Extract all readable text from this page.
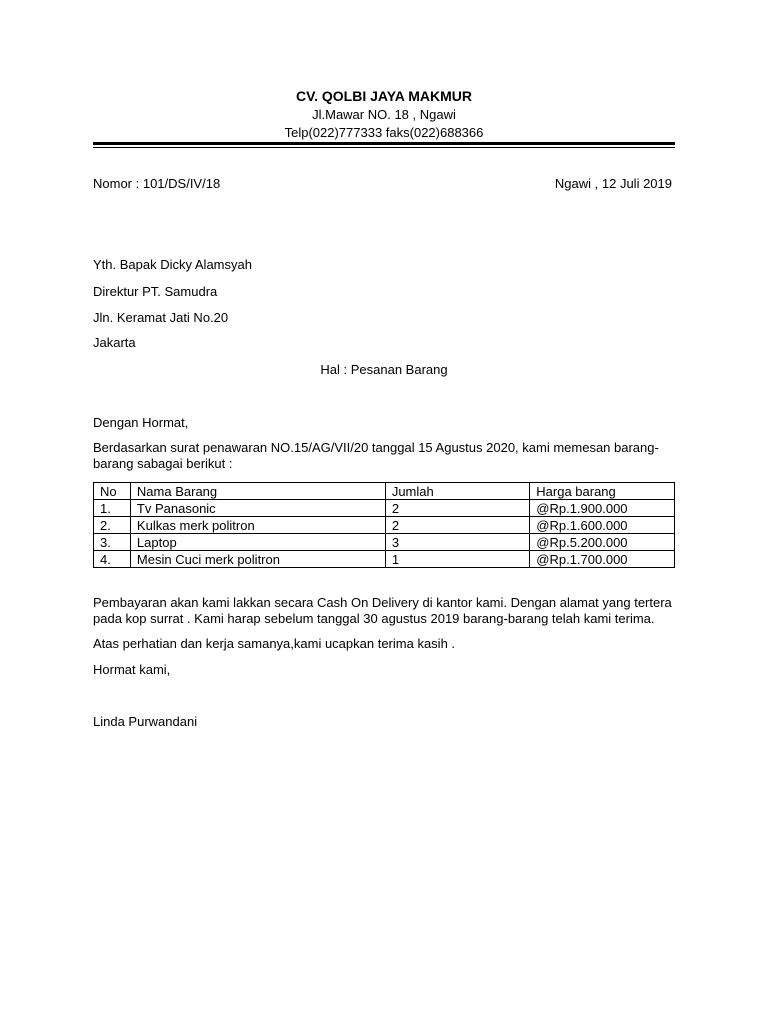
CV. QOLBI JAYA MAKMUR
Jl.Mawar NO. 18 , Ngawi
Telp(022)777333 faks(022)688366
Nomor : 101/DS/IV/18	Ngawi , 12 Juli 2019
Yth. Bapak Dicky Alamsyah
Direktur PT. Samudra
Jln. Keramat Jati No.20
Jakarta
Hal : Pesanan Barang
Dengan Hormat,
Berdasarkan surat penawaran NO.15/AG/VII/20 tanggal 15 Agustus 2020, kami memesan barang-barang sabagai berikut :
No	Nama Barang	Jumlah	Harga barang
1.	Tv Panasonic	2	@Rp.1.900.000
2.	Kulkas merk politron	2	@Rp.1.600.000
3.	Laptop	3	@Rp.5.200.000
4.	Mesin Cuci merk politron	1	@Rp.1.700.000
Pembayaran akan kami lakkan secara Cash On Delivery di kantor kami. Dengan alamat yang tertera pada kop surrat . Kami harap sebelum tanggal 30 agustus 2019 barang-barang telah kami terima.
Atas perhatian dan kerja samanya,kami ucapkan terima kasih .
Hormat kami,
Linda Purwandani
